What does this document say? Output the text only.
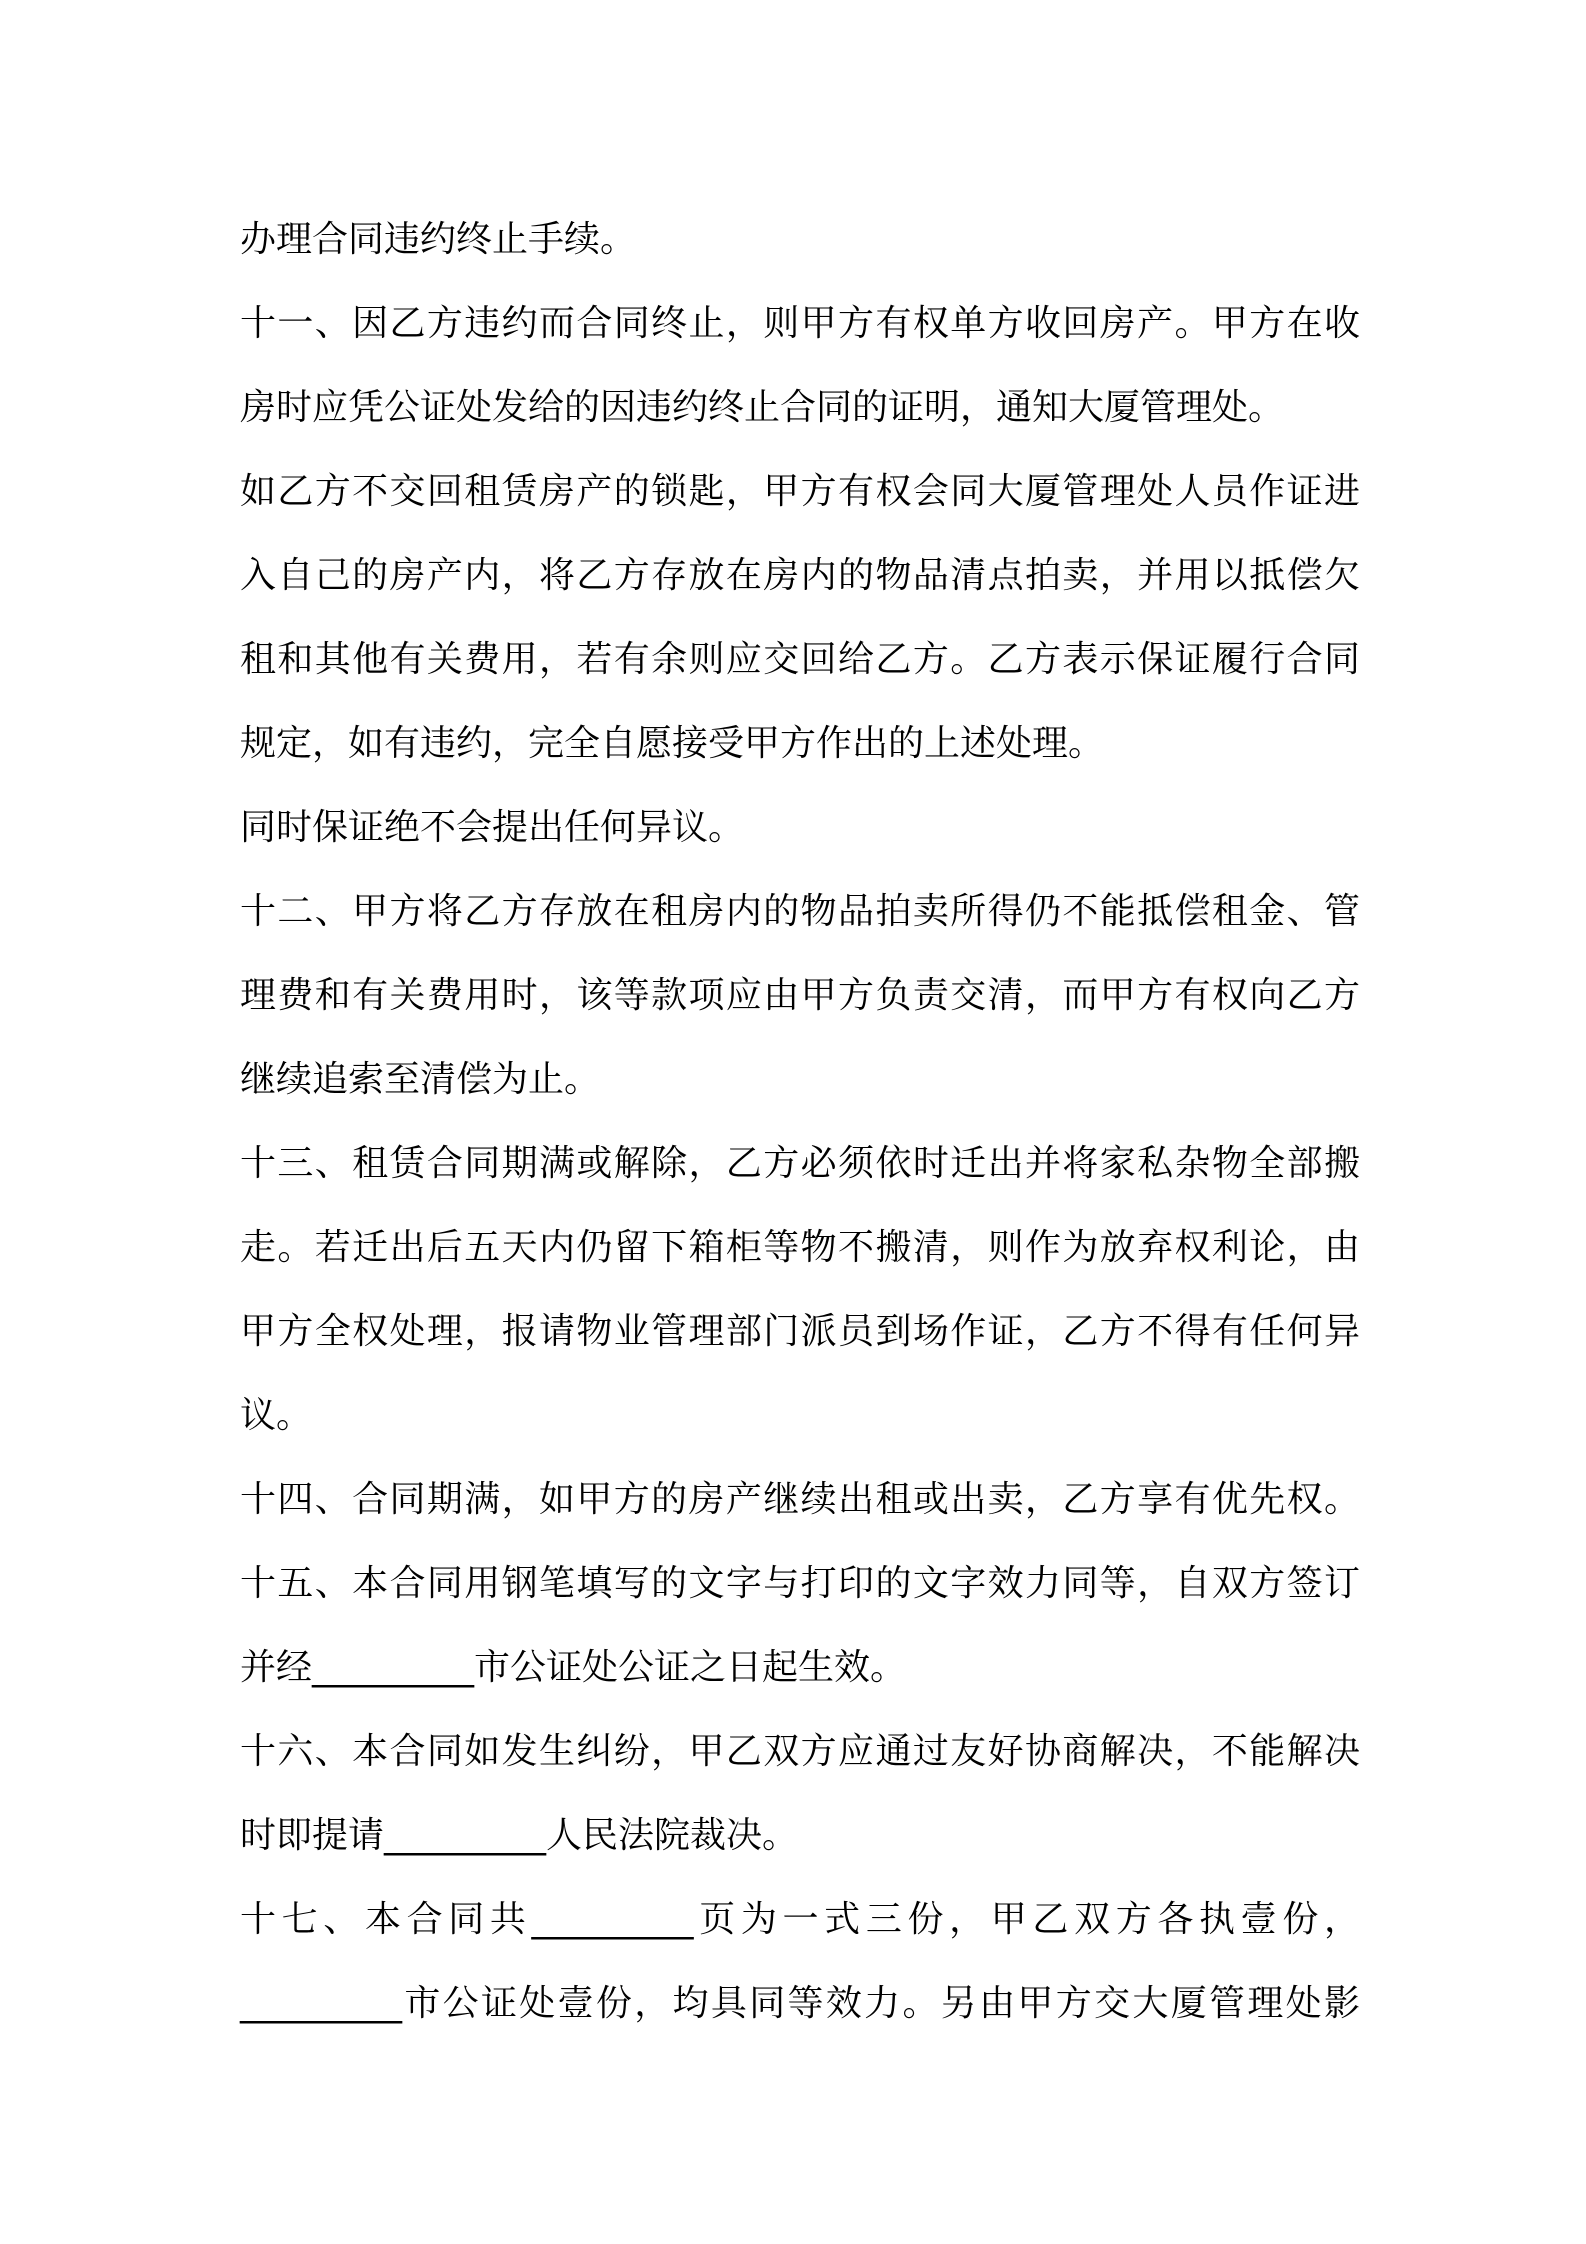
办理合同违约终止手续。
十一、因乙方违约而合同终止，则甲方有权单方收回房产。甲方在收
房时应凭公证处发给的因违约终止合同的证明，通知大厦管理处。
如乙方不交回租赁房产的锁匙，甲方有权会同大厦管理处人员作证进
入自己的房产内，将乙方存放在房内的物品清点拍卖，并用以抵偿欠
租和其他有关费用，若有余则应交回给乙方。乙方表示保证履行合同
规定，如有违约，完全自愿接受甲方作出的上述处理。
同时保证绝不会提出任何异议。
十二、甲方将乙方存放在租房内的物品拍卖所得仍不能抵偿租金、管
理费和有关费用时，该等款项应由甲方负责交清，而甲方有权向乙方
继续追索至清偿为止。
十三、租赁合同期满或解除，乙方必须依时迁出并将家私杂物全部搬
走。若迁出后五天内仍留下箱柜等物不搬清，则作为放弃权利论，由
甲方全权处理，报请物业管理部门派员到场作证，乙方不得有任何异
议。
十四、合同期满，如甲方的房产继续出租或出卖，乙方享有优先权。
十五、本合同用钢笔填写的文字与打印的文字效力同等，自双方签订
并经_________市公证处公证之日起生效。
十六、本合同如发生纠纷，甲乙双方应通过友好协商解决，不能解决
时即提请_________人民法院裁决。
十七、本合同共_________页为一式三份，甲乙双方各执壹份，
_________市公证处壹份，均具同等效力。另由甲方交大厦管理处影
